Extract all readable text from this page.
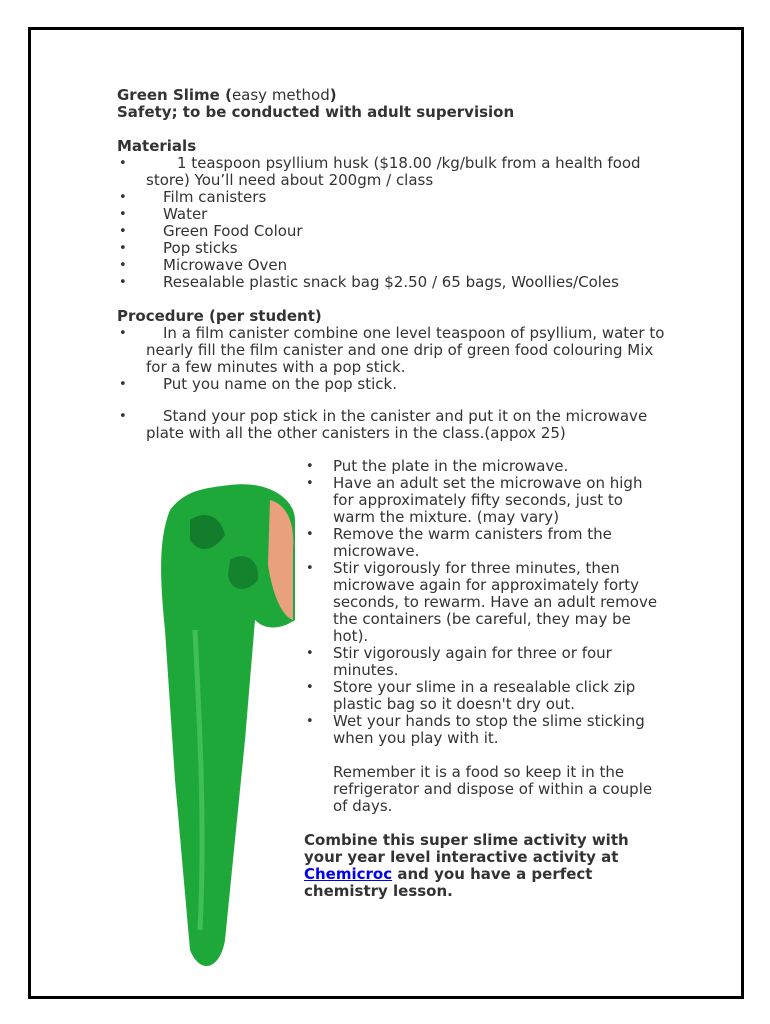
Green Slime (easy method)

Safety; to be conducted with adult supervision

Materials

•	1 teaspoon psyllium husk ($18.00 /kg/bulk from a health food store) You’ll need about 200gm / class
• Film canisters
• Water
• Green Food Colour
• Pop sticks
• Microwave Oven
• Resealable plastic snack bag $2.50 / 65 bags, Woollies/Coles

Procedure (per student)

• In a film canister combine one level teaspoon of psyllium, water to nearly fill the film canister and one drip of green food colouring Mix for a few minutes with a pop stick.
• Put you name on the pop stick.
• Stand your pop stick in the canister and put it on the microwave plate with all the other canisters in the class.(appox 25)
• Put the plate in the microwave.
• Have an adult set the microwave on high for approximately fifty seconds, just to warm the mixture. (may vary)
• Remove the warm canisters from the microwave.
• Stir vigorously for three minutes, then microwave again for approximately forty seconds, to rewarm. Have an adult remove the containers (be careful, they may be hot).
• Stir vigorously again for three or four minutes.
• Store your slime in a resealable click zip plastic bag so it doesn't dry out.
• Wet your hands to stop the slime sticking when you play with it.

Remember it is a food so keep it in the refrigerator and dispose of within a couple of days.

Combine this super slime activity with your year level interactive activity at Chemicroc and you have a perfect chemistry lesson.
